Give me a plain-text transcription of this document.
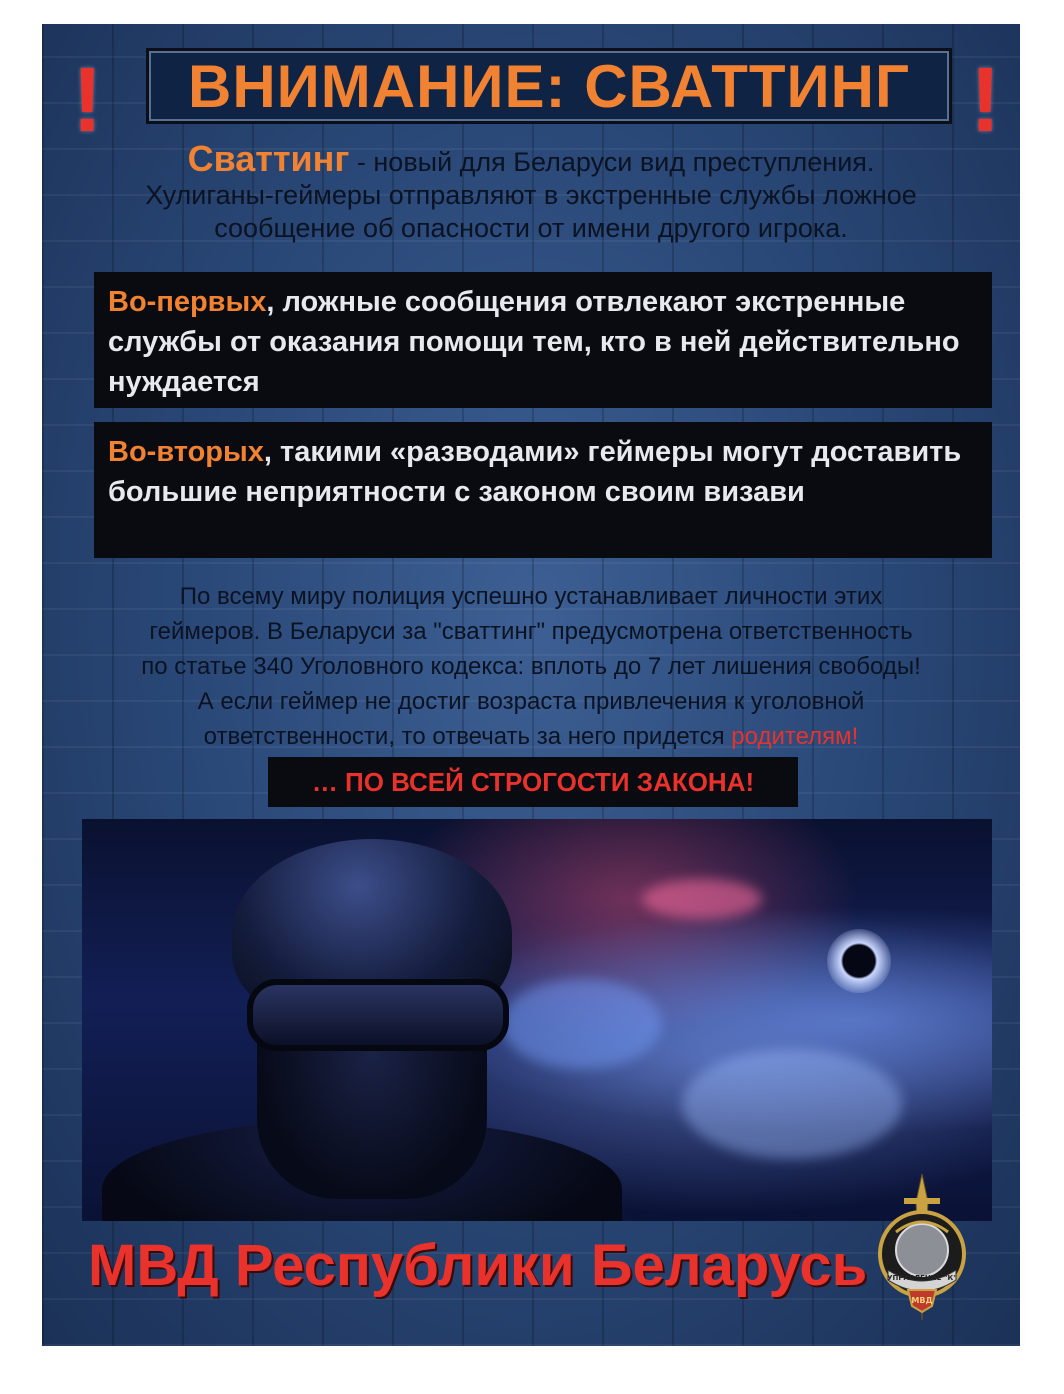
!	!
ВНИМАНИЕ: СВАТТИНГ
Сваттинг - новый для Беларуси вид преступления.
Хулиганы-геймеры отправляют в экстренные службы ложное
сообщение об опасности от имени другого игрока.
Во-первых, ложные сообщения отвлекают экстренные службы от оказания помощи тем, кто в ней действительно нуждается
Во-вторых, такими «разводами» геймеры могут доставить большие неприятности с законом своим визави
По всему миру полиция успешно устанавливает личности этих
геймеров. В Беларуси за "сваттинг" предусмотрена ответственность
по статье 340 Уголовного кодекса: вплоть до 7 лет лишения свободы!
А если геймер не достиг возраста привлечения к уголовной
ответственности, то отвечать за него придется родителям!
… ПО ВСЕЙ СТРОГОСТИ ЗАКОНА!
МВД Республики Беларусь	УПРАВЛЕНИЕ "К"
МВД
